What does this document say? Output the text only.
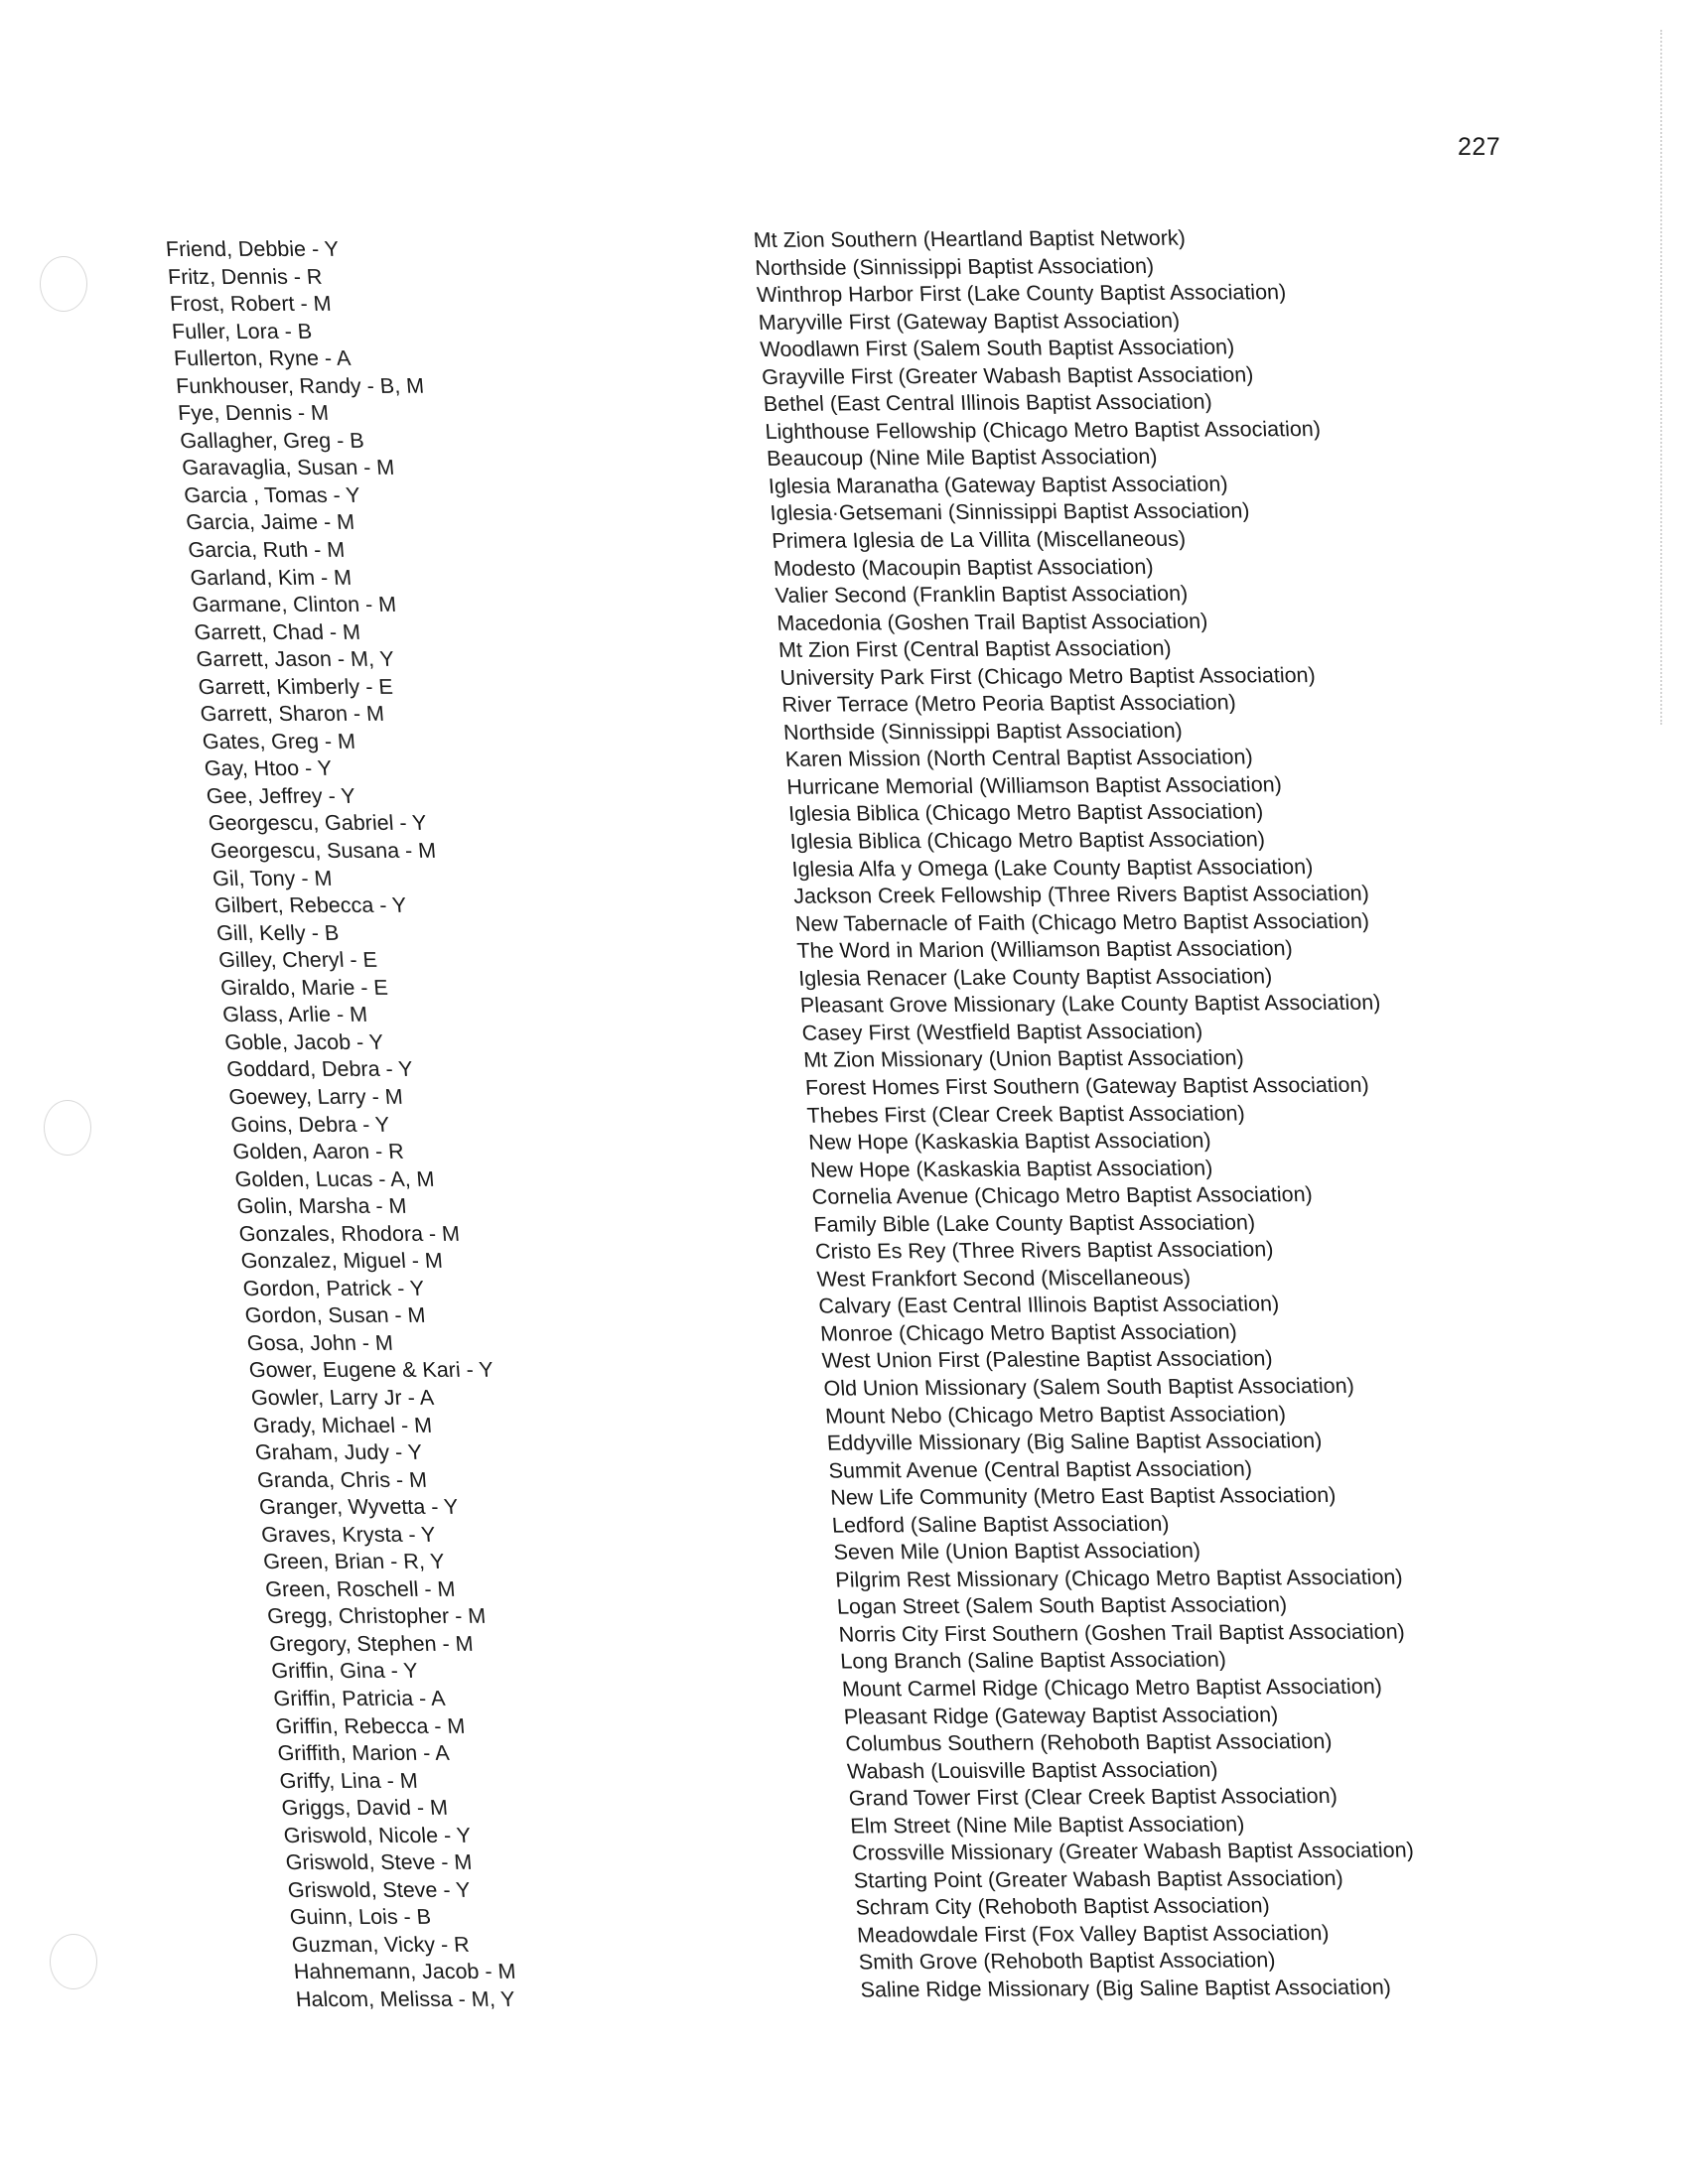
227
Friend, Debbie - Y
Fritz, Dennis - R
Frost, Robert - M
Fuller, Lora - B
Fullerton, Ryne - A
Funkhouser, Randy - B, M
Fye, Dennis - M
Gallagher, Greg - B
Garavaglia, Susan - M
Garcia , Tomas - Y
Garcia, Jaime - M
Garcia, Ruth - M
Garland, Kim - M
Garmane, Clinton - M
Garrett, Chad - M
Garrett, Jason - M, Y
Garrett, Kimberly - E
Garrett, Sharon - M
Gates, Greg - M
Gay, Htoo - Y
Gee, Jeffrey - Y
Georgescu, Gabriel - Y
Georgescu, Susana - M
Gil, Tony - M
Gilbert, Rebecca - Y
Gill, Kelly - B
Gilley, Cheryl - E
Giraldo, Marie - E
Glass, Arlie - M
Goble, Jacob - Y
Goddard, Debra - Y
Goewey, Larry - M
Goins, Debra - Y
Golden, Aaron - R
Golden, Lucas - A, M
Golin, Marsha - M
Gonzales, Rhodora - M
Gonzalez, Miguel - M
Gordon, Patrick - Y
Gordon, Susan - M
Gosa, John - M
Gower, Eugene & Kari - Y
Gowler, Larry Jr - A
Grady, Michael - M
Graham, Judy - Y
Granda, Chris - M
Granger, Wyvetta - Y
Graves, Krysta - Y
Green, Brian - R, Y
Green, Roschell - M
Gregg, Christopher - M
Gregory, Stephen - M
Griffin, Gina - Y
Griffin, Patricia - A
Griffin, Rebecca - M
Griffith, Marion - A
Griffy, Lina - M
Griggs, David - M
Griswold, Nicole - Y
Griswold, Steve - M
Griswold, Steve - Y
Guinn, Lois - B
Guzman, Vicky - R
Hahnemann, Jacob - M
Halcom, Melissa - M, Y
Mt Zion Southern (Heartland Baptist Network)
Northside (Sinnissippi Baptist Association)
Winthrop Harbor First (Lake County Baptist Association)
Maryville First (Gateway Baptist Association)
Woodlawn First (Salem South Baptist Association)
Grayville First (Greater Wabash Baptist Association)
Bethel (East Central Illinois Baptist Association)
Lighthouse Fellowship (Chicago Metro Baptist Association)
Beaucoup (Nine Mile Baptist Association)
Iglesia Maranatha (Gateway Baptist Association)
Iglesia·Getsemani (Sinnissippi Baptist Association)
Primera Iglesia de La Villita (Miscellaneous)
Modesto (Macoupin Baptist Association)
Valier Second (Franklin Baptist Association)
Macedonia (Goshen Trail Baptist Association)
Mt Zion First (Central Baptist Association)
University Park First (Chicago Metro Baptist Association)
River Terrace (Metro Peoria Baptist Association)
Northside (Sinnissippi Baptist Association)
Karen Mission (North Central Baptist Association)
Hurricane Memorial (Williamson Baptist Association)
Iglesia Biblica (Chicago Metro Baptist Association)
Iglesia Biblica (Chicago Metro Baptist Association)
Iglesia Alfa y Omega (Lake County Baptist Association)
Jackson Creek Fellowship (Three Rivers Baptist Association)
New Tabernacle of Faith (Chicago Metro Baptist Association)
The Word in Marion (Williamson Baptist Association)
Iglesia Renacer (Lake County Baptist Association)
Pleasant Grove Missionary (Lake County Baptist Association)
Casey First (Westfield Baptist Association)
Mt Zion Missionary (Union Baptist Association)
Forest Homes First Southern (Gateway Baptist Association)
Thebes First (Clear Creek Baptist Association)
New Hope (Kaskaskia Baptist Association)
New Hope (Kaskaskia Baptist Association)
Cornelia Avenue (Chicago Metro Baptist Association)
Family Bible (Lake County Baptist Association)
Cristo Es Rey (Three Rivers Baptist Association)
West Frankfort Second (Miscellaneous)
Calvary (East Central Illinois Baptist Association)
Monroe (Chicago Metro Baptist Association)
West Union First (Palestine Baptist Association)
Old Union Missionary (Salem South Baptist Association)
Mount Nebo (Chicago Metro Baptist Association)
Eddyville Missionary (Big Saline Baptist Association)
Summit Avenue (Central Baptist Association)
New Life Community (Metro East Baptist Association)
Ledford (Saline Baptist Association)
Seven Mile (Union Baptist Association)
Pilgrim Rest Missionary (Chicago Metro Baptist Association)
Logan Street (Salem South Baptist Association)
Norris City First Southern (Goshen Trail Baptist Association)
Long Branch (Saline Baptist Association)
Mount Carmel Ridge (Chicago Metro Baptist Association)
Pleasant Ridge (Gateway Baptist Association)
Columbus Southern (Rehoboth Baptist Association)
Wabash (Louisville Baptist Association)
Grand Tower First (Clear Creek Baptist Association)
Elm Street (Nine Mile Baptist Association)
Crossville Missionary (Greater Wabash Baptist Association)
Starting Point (Greater Wabash Baptist Association)
Schram City (Rehoboth Baptist Association)
Meadowdale First (Fox Valley Baptist Association)
Smith Grove (Rehoboth Baptist Association)
Saline Ridge Missionary (Big Saline Baptist Association)
